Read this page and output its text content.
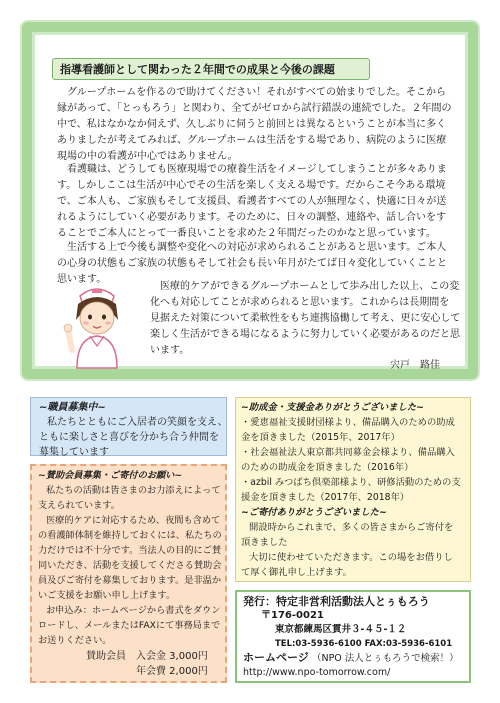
指導看護師として関わった２年間での成果と今後の課題
グループホームを作るので助けてください！それがすべての始まりでした。そこから
縁があって、「とっもろう」と関わり、全てがゼロから試行錯誤の連続でした。２年間の
中で、私はなかなか伺えず、久しぶりに伺うと前回とは異なるということが本当に多く
ありましたが考えてみれば、グループホームは生活をする場であり、病院のように医療
現場の中の看護が中心ではありません。
看護職は、どうしても医療現場での療養生活をイメージしてしまうことが多々ありま
す。しかしここは生活が中心でその生活を楽しく支える場です。だからこそ今ある環境
で、ご本人も、ご家族もそして支援員、看護者すべての人が無理なく、快適に日々が送
れるようにしていく必要があります。そのために、日々の調整、連絡や、話し合いをす
ることでご本人にとって一番良いことを求めた２年間だったのかなと思っています。
生活する上で今後も調整や変化への対応が求められることがあると思います。ご本人
の心身の状態もご家族の状態もそして社会も長い年月がたてば日々変化していくことと
思います。
医療的ケアができるグループホームとして歩み出した以上、この変
化へも対応してことが求められると思います。これからは長期間を
見据えた対策について柔軟性をもち連携協働して考え、更に安心して
楽しく生活ができる場になるように努力していく必要があるのだと思
います。
宍戸　路佳
~職員募集中~
私たちとともにご入居者の笑顔を支え、
ともに楽しさと喜びを分かち合う仲間を
募集しています
~賛助会員募集・ご寄付のお願い~
私たちの活動は皆さまのお力添えによって
支えられています。
医療的ケアに対応するため、夜間も含めて
の看護師体制を維持しておくには、私たちの
力だけでは不十分です。当法人の目的にご賛
同いただき、活動を支援してくださる賛助会
員及びご寄付を募集しております。是非温か
いご支援をお願い申し上げます。
お申込み：ホームページから書式をダウン
ロードし、メールまたはFAXにて事務局まで
お送りください。
賛助会員 入会金 3,000円
年会費 2,000円
~助成金・支援金ありがとうございました~
・愛恵福祉支援財団様より、備品購入のための助成
金を頂きました（2015年、2017年）
・社会福祉法人東京都共同募金会様より、備品購入
のための助成金を頂きました（2016年）
・azbil みつばち倶楽部様より、研修活動のための支
援金を頂きました（2017年、2018年）
~ご寄付ありがとうございました~
開設時からこれまで、多くの皆さまからご寄付を
頂きました
大切に使わせていただきます。この場をお借りし
て厚く御礼申し上げます。
発行：特定非営利活動法人とぅもろう
〒176-0021
東京都練馬区貫井３-４５-１２
TEL:03-5936-6100 FAX:03-5936-6101
ホームページ （NPO 法人とぅもろうで検索！）
http://www.npo-tomorrow.com/
